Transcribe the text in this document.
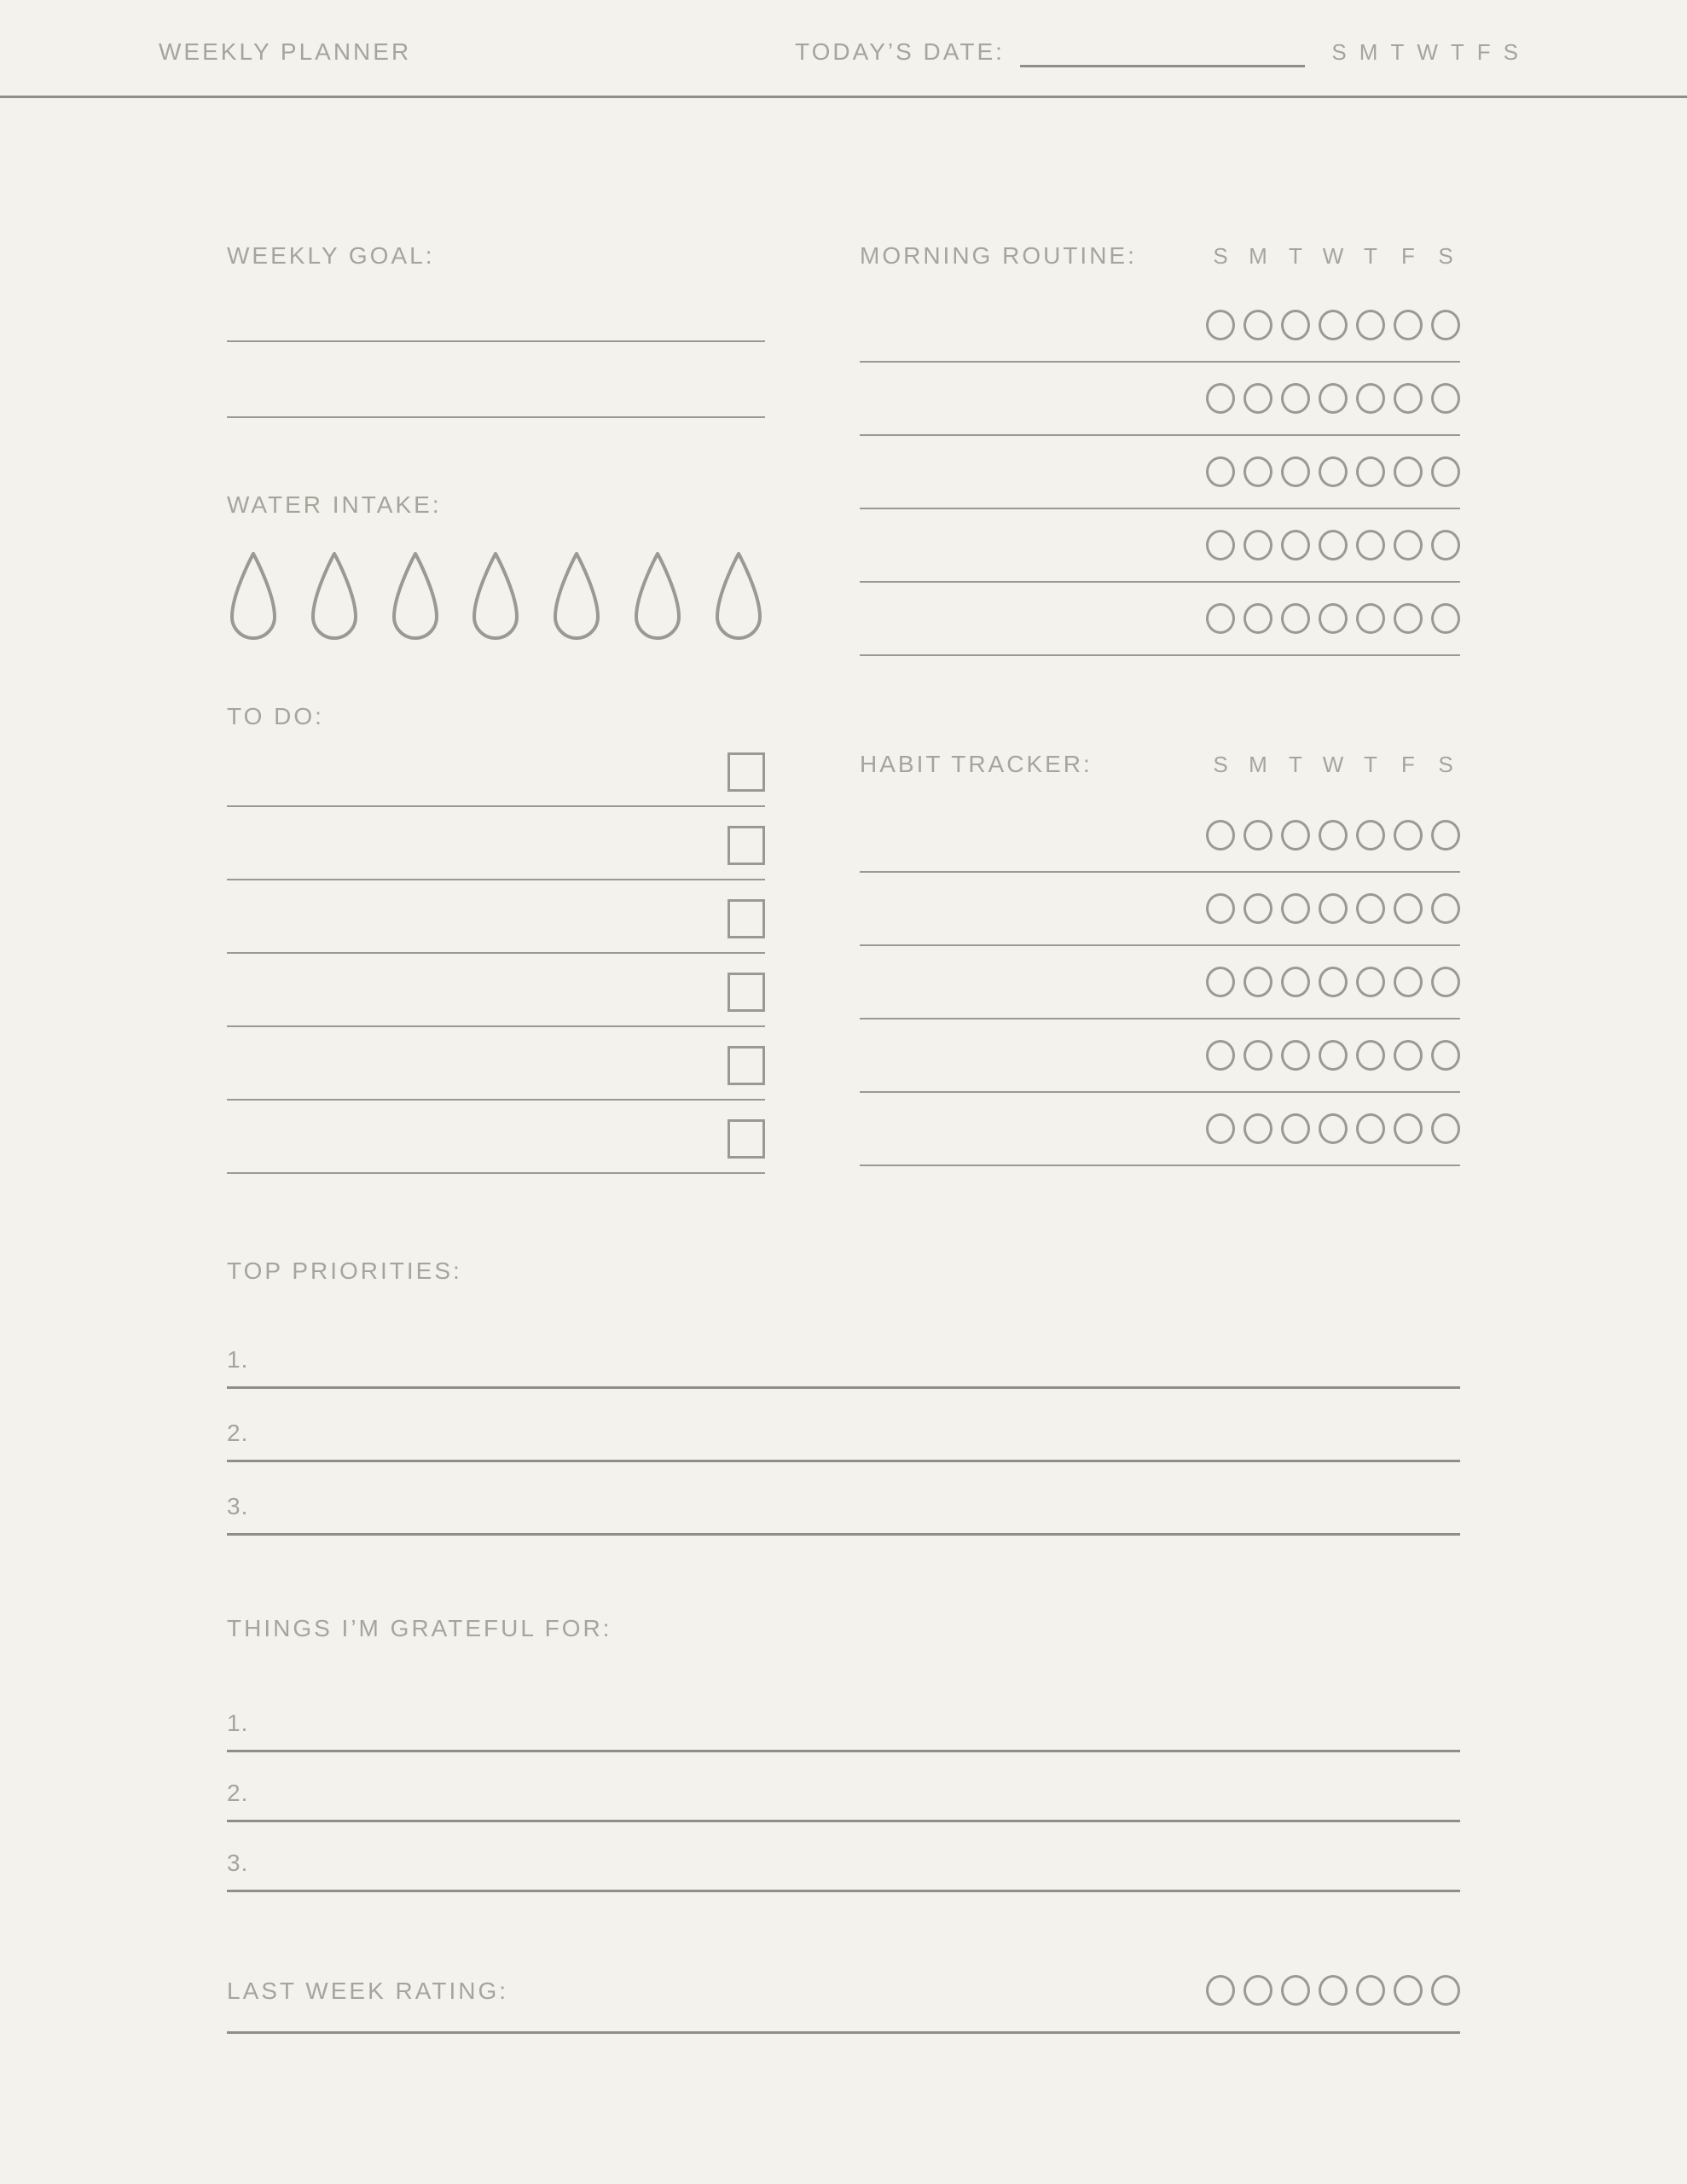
WEEKLY PLANNER	TODAY’S DATE:	S M T W T F S
WEEKLY GOAL:
WATER INTAKE:
TO DO:
MORNING ROUTINE:	S M T W T	F	S
HABIT TRACKER:	S M T W T	F	S
TOP PRIORITIES:
1.
2.
3.
THINGS I’M GRATEFUL FOR:
1.
2.
3.
LAST WEEK RATING:
